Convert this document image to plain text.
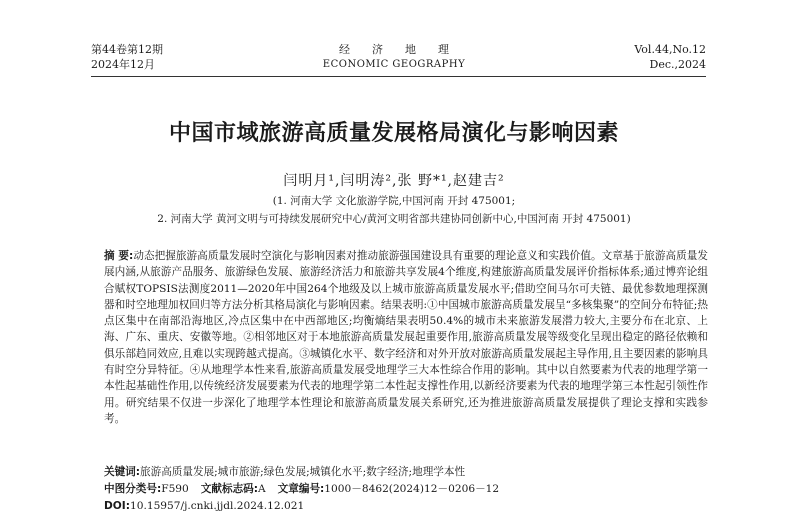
第44卷第12期
2024年12月
经济地理
ECONOMIC GEOGRAPHY
Vol.44,No.12
Dec.,2024
中国市域旅游高质量发展格局演化与影响因素
闫明月¹,闫明涛²,张 野*¹,赵建吉²
(1. 河南大学 文化旅游学院,中国河南 开封 475001;
2. 河南大学 黄河文明与可持续发展研究中心/黄河文明省部共建协同创新中心,中国河南 开封 475001)

摘 要:动态把握旅游高质量发展时空演化与影响因素对推动旅游强国建设具有重要的理论意义和实践价值。文章基于旅游高质量发展内涵,从旅游产品服务、旅游绿色发展、旅游经济活力和旅游共享发展4个维度,构建旅游高质量发展评价指标体系;通过博弈论组合赋权TOPSIS法测度2011—2020年中国264个地级及以上城市旅游高质量发展水平;借助空间马尔可夫链、最优参数地理探测器和时空地理加权回归等方法分析其格局演化与影响因素。结果表明:①中国城市旅游高质量发展呈“多核集聚”的空间分布特征;热点区集中在南部沿海地区,冷点区集中在中西部地区;均衡熵结果表明50.4%的城市未来旅游发展潜力较大,主要分布在北京、上海、广东、重庆、安徽等地。②相邻地区对于本地旅游高质量发展起重要作用,旅游高质量发展等级变化呈现出稳定的路径依赖和俱乐部趋同效应,且难以实现跨越式提高。③城镇化水平、数字经济和对外开放对旅游高质量发展起主导作用,且主要因素的影响具有时空分异特征。④从地理学本性来看,旅游高质量发展受地理学三大本性综合作用的影响。其中以自然要素为代表的地理学第一本性起基础性作用,以传统经济发展要素为代表的地理学第二本性起支撑性作用,以新经济要素为代表的地理学第三本性起引领性作用。研究结果不仅进一步深化了地理学本性理论和旅游高质量发展关系研究,还为推进旅游高质量发展提供了理论支撑和实践参考。

关键词:旅游高质量发展;城市旅游;绿色发展;城镇化水平;数字经济;地理学本性

中图分类号:F590 文献标志码:A 文章编号:1000－8462(2024)12－0206－12

DOI:10.15957/j.cnki.jjdl.2024.12.021
